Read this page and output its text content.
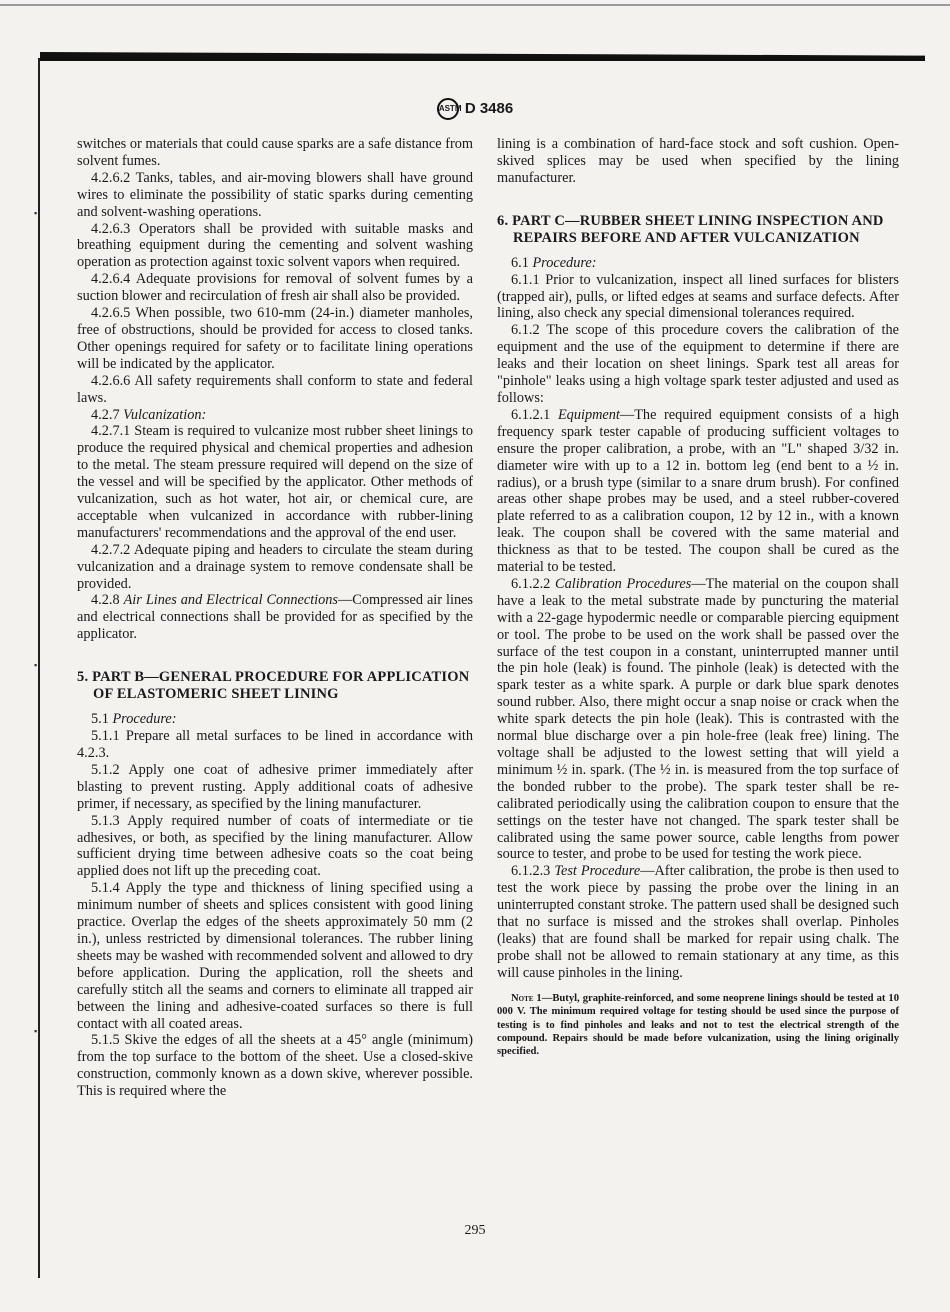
▪
▪
▪
ASTM D 3486

switches or materials that could cause sparks are a safe distance from solvent fumes.

4.2.6.2 Tanks, tables, and air-moving blowers shall have ground wires to eliminate the possibility of static sparks during cementing and solvent-washing operations.

4.2.6.3 Operators shall be provided with suitable masks and breathing equipment during the cementing and solvent washing operation as protection against toxic solvent vapors when required.

4.2.6.4 Adequate provisions for removal of solvent fumes by a suction blower and recirculation of fresh air shall also be provided.

4.2.6.5 When possible, two 610-mm (24-in.) diameter manholes, free of obstructions, should be provided for access to closed tanks. Other openings required for safety or to facilitate lining operations will be indicated by the applicator.

4.2.6.6 All safety requirements shall conform to state and federal laws.

4.2.7 Vulcanization:

4.2.7.1 Steam is required to vulcanize most rubber sheet linings to produce the required physical and chemical properties and adhesion to the metal. The steam pressure required will depend on the size of the vessel and will be specified by the applicator. Other methods of vulcanization, such as hot water, hot air, or chemical cure, are acceptable when vulcanized in accordance with rubber-lining manufacturers' recommendations and the approval of the end user.

4.2.7.2 Adequate piping and headers to circulate the steam during vulcanization and a drainage system to remove condensate shall be provided.

4.2.8 Air Lines and Electrical Connections—Compressed air lines and electrical connections shall be provided for as specified by the applicator.

5. PART B—GENERAL PROCEDURE FOR APPLICATION OF ELASTOMERIC SHEET LINING

5.1 Procedure:

5.1.1 Prepare all metal surfaces to be lined in accordance with 4.2.3.

5.1.2 Apply one coat of adhesive primer immediately after blasting to prevent rusting. Apply additional coats of adhesive primer, if necessary, as specified by the lining manufacturer.

5.1.3 Apply required number of coats of intermediate or tie adhesives, or both, as specified by the lining manufacturer. Allow sufficient drying time between adhesive coats so the coat being applied does not lift up the preceding coat.

5.1.4 Apply the type and thickness of lining specified using a minimum number of sheets and splices consistent with good lining practice. Overlap the edges of the sheets approximately 50 mm (2 in.), unless restricted by dimensional tolerances. The rubber lining sheets may be washed with recommended solvent and allowed to dry before application. During the application, roll the sheets and carefully stitch all the seams and corners to eliminate all trapped air between the lining and adhesive-coated surfaces so there is full contact with all coated areas.

5.1.5 Skive the edges of all the sheets at a 45° angle (minimum) from the top surface to the bottom of the sheet. Use a closed-skive construction, commonly known as a down skive, wherever possible. This is required where the

lining is a combination of hard-face stock and soft cushion. Open-skived splices may be used when specified by the lining manufacturer.

6. PART C—RUBBER SHEET LINING INSPECTION AND REPAIRS BEFORE AND AFTER VULCANIZATION

6.1 Procedure:

6.1.1 Prior to vulcanization, inspect all lined surfaces for blisters (trapped air), pulls, or lifted edges at seams and surface defects. After lining, also check any special dimensional tolerances required.

6.1.2 The scope of this procedure covers the calibration of the equipment and the use of the equipment to determine if there are leaks and their location on sheet linings. Spark test all areas for "pinhole" leaks using a high voltage spark tester adjusted and used as follows:

6.1.2.1 Equipment—The required equipment consists of a high frequency spark tester capable of producing sufficient voltages to ensure the proper calibration, a probe, with an "L" shaped 3/32 in. diameter wire with up to a 12 in. bottom leg (end bent to a ½ in. radius), or a brush type (similar to a snare drum brush). For confined areas other shape probes may be used, and a steel rubber-covered plate referred to as a calibration coupon, 12 by 12 in., with a known leak. The coupon shall be covered with the same material and thickness as that to be tested. The coupon shall be cured as the material to be tested.

6.1.2.2 Calibration Procedures—The material on the coupon shall have a leak to the metal substrate made by puncturing the material with a 22-gage hypodermic needle or comparable piercing equipment or tool. The probe to be used on the work shall be passed over the surface of the test coupon in a constant, uninterrupted manner until the pin hole (leak) is found. The pinhole (leak) is detected with the spark tester as a white spark. A purple or dark blue spark denotes sound rubber. Also, there might occur a snap noise or crack when the white spark detects the pin hole (leak). This is contrasted with the normal blue discharge over a pin hole-free (leak free) lining. The voltage shall be adjusted to the lowest setting that will yield a minimum ½ in. spark. (The ½ in. is measured from the top surface of the bonded rubber to the probe). The spark tester shall be re-calibrated periodically using the calibration coupon to ensure that the settings on the tester have not changed. The spark tester shall be calibrated using the same power source, cable lengths from power source to tester, and probe to be used for testing the work piece.

6.1.2.3 Test Procedure—After calibration, the probe is then used to test the work piece by passing the probe over the lining in an uninterrupted constant stroke. The pattern used shall be designed such that no surface is missed and the strokes shall overlap. Pinholes (leaks) that are found shall be marked for repair using chalk. The probe shall not be allowed to remain stationary at any time, as this will cause pinholes in the lining.

Note 1—Butyl, graphite-reinforced, and some neoprene linings should be tested at 10 000 V. The minimum required voltage for testing should be used since the purpose of testing is to find pinholes and leaks and not to test the electrical strength of the compound. Repairs should be made before vulcanization, using the lining originally specified.
295
